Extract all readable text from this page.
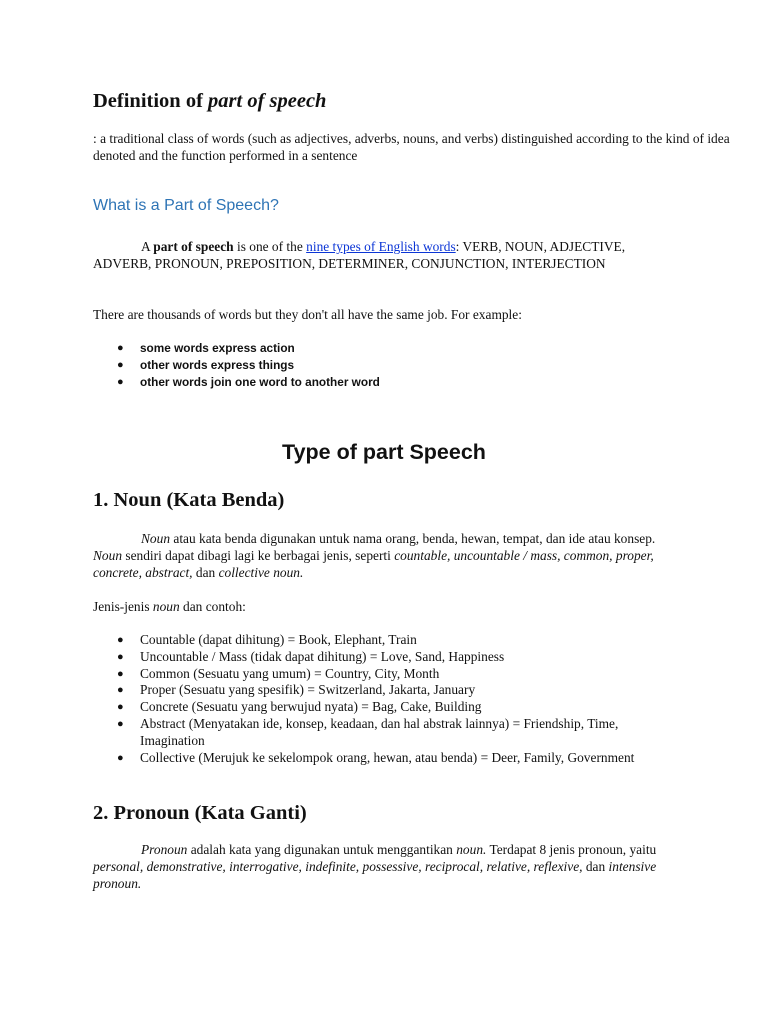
Definition of part of speech
: a traditional class of words (such as adjectives, adverbs, nouns, and verbs) distinguished according to the kind of idea denoted and the function performed in a sentence
What is a Part of Speech?
A part of speech is one of the nine types of English words: VERB, NOUN, ADJECTIVE, ADVERB, PRONOUN, PREPOSITION, DETERMINER, CONJUNCTION, INTERJECTION
There are thousands of words but they don't all have the same job. For example:
● some words express action
● other words express things
● other words join one word to another word
Type of part Speech
1. Noun (Kata Benda)
Noun atau kata benda digunakan untuk nama orang, benda, hewan, tempat, dan ide atau konsep. Noun sendiri dapat dibagi lagi ke berbagai jenis, seperti countable, uncountable / mass, common, proper, concrete, abstract, dan collective noun.
Jenis-jenis noun dan contoh:
● Countable (dapat dihitung) = Book, Elephant, Train
● Uncountable / Mass (tidak dapat dihitung) = Love, Sand, Happiness
● Common (Sesuatu yang umum) = Country, City, Month
● Proper (Sesuatu yang spesifik) = Switzerland, Jakarta, January
● Concrete (Sesuatu yang berwujud nyata) = Bag, Cake, Building
● Abstract (Menyatakan ide, konsep, keadaan, dan hal abstrak lainnya) = Friendship, Time, Imagination
● Collective (Merujuk ke sekelompok orang, hewan, atau benda) = Deer, Family, Government
2. Pronoun (Kata Ganti)
Pronoun adalah kata yang digunakan untuk menggantikan noun. Terdapat 8 jenis pronoun, yaitu personal, demonstrative, interrogative, indefinite, possessive, reciprocal, relative, reflexive, dan intensive pronoun.
